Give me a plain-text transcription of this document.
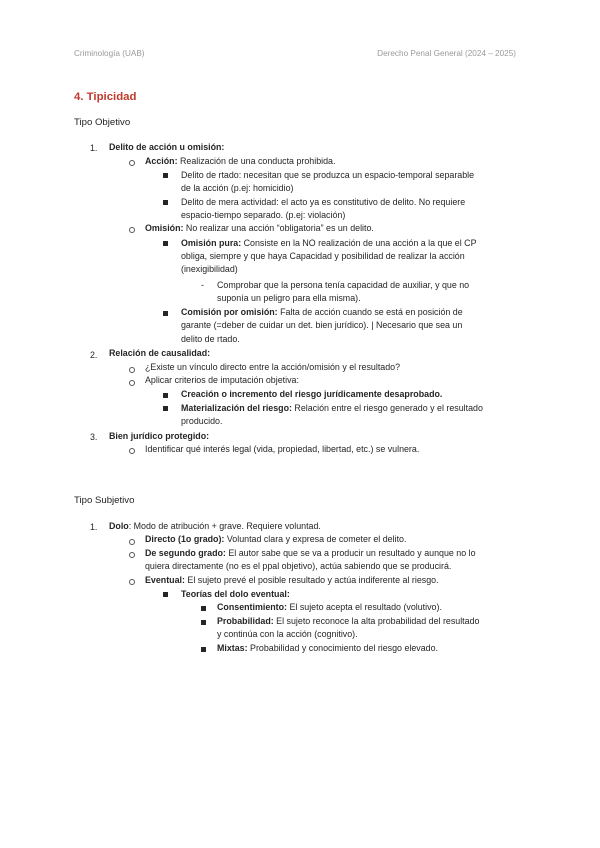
Criminología (UAB)	Derecho Penal General (2024 – 2025)
4. Tipicidad
Tipo Objetivo
1. Delito de acción u omisión:
Acción: Realización de una conducta prohibida.
Delito de rtado: necesitan que se produzca un espacio-temporal separable
de la acción (p.ej: homicidio)
Delito de mera actividad: el acto ya es constitutivo de delito. No requiere
espacio-tiempo separado. (p.ej: violación)
Omisión: No realizar una acción “obligatoria” es un delito.
Omisión pura: Consiste en la NO realización de una acción a la que el CP
obliga, siempre y que haya Capacidad y posibilidad de realizar la acción
(inexigibilidad)
- Comprobar que la persona tenía capacidad de auxiliar, y que no
suponía un peligro para ella misma).
Comisión por omisión: Falta de acción cuando se está en posición de
garante (=deber de cuidar un det. bien jurídico). | Necesario que sea un
delito de rtado.
2. Relación de causalidad:
¿Existe un vínculo directo entre la acción/omisión y el resultado?
Aplicar criterios de imputación objetiva:
Creación o incremento del riesgo jurídicamente desaprobado.
Materialización del riesgo: Relación entre el riesgo generado y el resultado
producido.
3. Bien jurídico protegido:
Identificar qué interés legal (vida, propiedad, libertad, etc.) se vulnera.
Tipo Subjetivo
1. Dolo: Modo de atribución + grave. Requiere voluntad.
Directo (1o grado): Voluntad clara y expresa de cometer el delito.
De segundo grado: El autor sabe que se va a producir un resultado y aunque no lo
quiera directamente (no es el ppal objetivo), actúa sabiendo que se producirá.
Eventual: El sujeto prevé el posible resultado y actúa indiferente al riesgo.
Teorías del dolo eventual:
Consentimiento: El sujeto acepta el resultado (volutivo).
Probabilidad: El sujeto reconoce la alta probabilidad del resultado
y continúa con la acción (cognitivo).
Mixtas: Probabilidad y conocimiento del riesgo elevado.
